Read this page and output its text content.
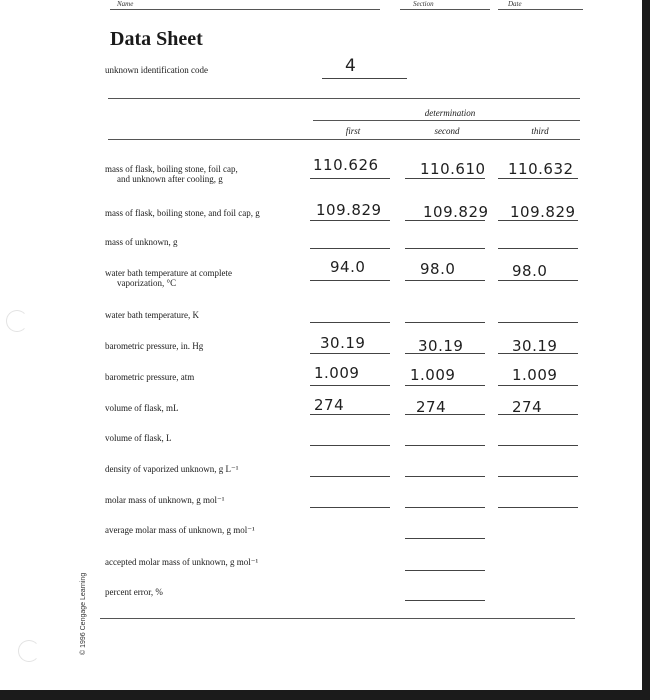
Name	Section	Date
Data Sheet
unknown identification code	4
determination
first	second	third
mass of flask, boiling stone, foil cap,
and unknown after cooling, g
110.626	110.610 110.632
mass of flask, boiling stone, and foil cap, g	109.829	109.829 109.829
mass of unknown, g
water bath temperature at complete
vaporization, °C
94.0	98.0	98.0
water bath temperature, K
barometric pressure, in. Hg	30.19	30.19	30.19
barometric pressure, atm	1.009	1.009	1.009
volume of flask, mL	274	274	274
volume of flask, L
density of vaporized unknown, g L⁻¹
molar mass of unknown, g mol⁻¹
average molar mass of unknown, g mol⁻¹
accepted molar mass of unknown, g mol⁻¹
percent error, %
© 1996 Cengage Learning
